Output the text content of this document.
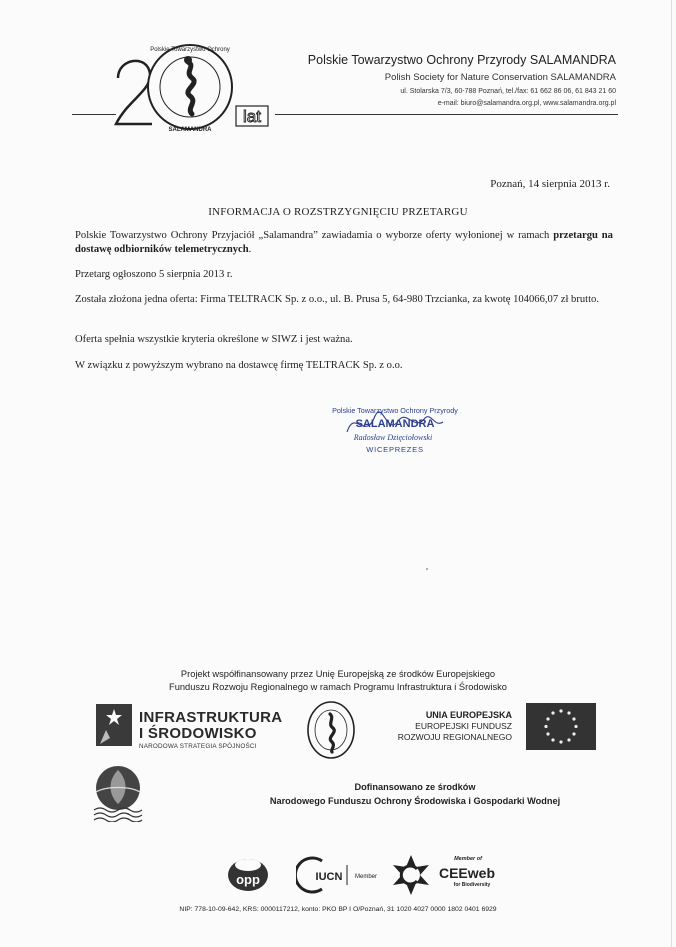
Polskie Towarzystwo Ochrony
SALAMANDRA
lat
Polskie Towarzystwo Ochrony Przyrody SALAMANDRA
Polish Society for Nature Conservation SALAMANDRA
ul. Stolarska 7/3, 60-788 Poznań, tel./fax: 61 662 86 06, 61 843 21 60
e-mail: biuro@salamandra.org.pl, www.salamandra.org.pl
Poznań, 14 sierpnia 2013 r.
INFORMACJA O ROZSTRZYGNIĘCIU PRZETARGU
Polskie Towarzystwo Ochrony Przyjaciół „Salamandra” zawiadamia o wyborze oferty wyłonionej w ramach przetargu na dostawę odbiorników telemetrycznych.
Przetarg ogłoszono 5 sierpnia 2013 r.
Została złożona jedna oferta: Firma TELTRACK Sp. z o.o., ul. B. Prusa 5, 64-980 Trzcianka, za kwotę 104066,07 zł brutto.
Oferta spełnia wszystkie kryteria określone w SIWZ i jest ważna.
W związku z powyższym wybrano na dostawcę firmę TELTRACK Sp. z o.o.
Polskie Towarzystwo Ochrony Przyrody
SALAMANDRA
Radosław Dzięciołowski
WICEPREZES
Projekt współfinansowany przez Unię Europejską ze środków Europejskiego
Funduszu Rozwoju Regionalnego w ramach Programu Infrastruktura i Środowisko
INFRASTRUKTURA
I ŚRODOWISKO
NARODOWA STRATEGIA SPÓJNOŚCI
UNIA EUROPEJSKA
EUROPEJSKI FUNDUSZ
ROZWOJU REGIONALNEGO
Dofinansowano ze środków
Narodowego Funduszu Ochrony Środowiska i Gospodarki Wodnej
opp	IUCN Member
Member of
CEEweb
for Biodiversity
NIP: 778-10-09-642, KRS: 0000117212, konto: PKO BP I O/Poznań, 31 1020 4027 0000 1802 0401 6929
